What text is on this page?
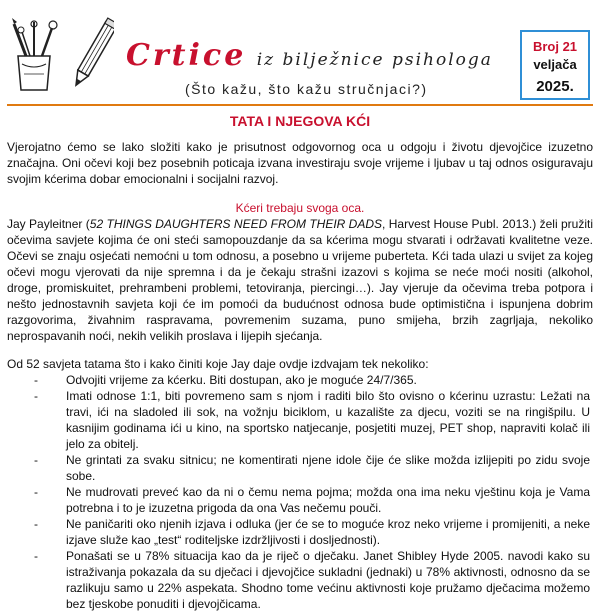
Crtice iz bilježnice psihologa
(Što kažu, što kažu stručnjaci?)
Broj 21
veljača
2025.
TATA I NJEGOVA KĆI
Vjerojatno ćemo se lako složiti kako je prisutnost odgovornog oca u odgoju i životu djevojčice izuzetno značajna. Oni očevi koji bez posebnih poticaja izvana investiraju svoje vrijeme i ljubav u taj odnos osiguravaju svojim kćerima dobar emocionalni i socijalni razvoj.
Kćeri trebaju svoga oca.
Jay Payleitner (52 THINGS DAUGHTERS NEED FROM THEIR DADS, Harvest House Publ. 2013.) želi pružiti očevima savjete kojima će oni steći samopouzdanje da sa kćerima mogu stvarati i održavati kvalitetne veze. Očevi se znaju osjećati nemoćni u tom odnosu, a posebno u vrijeme puberteta. Kći tada ulazi u svijet za kojeg očevi mogu vjerovati da nije spremna i da je čekaju strašni izazovi s kojima se neće moći nositi (alkohol, droge, promiskuitet, prehrambeni problemi, tetoviranja, piercingi…). Jay vjeruje da očevima treba potpora i nešto jednostavnih savjeta koji će im pomoći da budućnost odnosa bude optimistična i ispunjena dobrim razgovorima, živahnim raspravama, povremenim suzama, puno smijeha, brzih zagrljaja, nekoliko neprospavanih noći, nekih velikih proslava i lijepih sjećanja.
Od 52 savjeta tatama što i kako činiti koje Jay daje ovdje izdvajam tek nekoliko:
- Odvojiti vrijeme za kćerku. Biti dostupan, ako je moguće 24/7/365.
- Imati odnose 1:1, biti povremeno sam s njom i raditi bilo što ovisno o kćerinu uzrastu: Ležati na travi, ići na sladoled ili sok, na vožnju biciklom, u kazalište za djecu, voziti se na ringišpilu. U kasnijim godinama ići u kino, na sportsko natjecanje, posjetiti muzej, PET shop, napraviti kolač ili jelo za obitelj.
- Ne grintati za svaku sitnicu; ne komentirati njene idole čije će slike možda izlijepiti po zidu svoje sobe.
- Ne mudrovati preveć kao da ni o čemu nema pojma; možda ona ima neku vještinu koja je Vama potrebna i to je izuzetna prigoda da ona Vas nečemu pouči.
- Ne paničariti oko njenih izjava i odluka (jer će se to moguće kroz neko vrijeme i promijeniti, a neke izjave služe kao „test“ roditeljske izdržljivosti i dosljednosti).
- Ponašati se u 78% situacija kao da je riječ o dječaku. Janet Shibley Hyde 2005. navodi kako su istraživanja pokazala da su dječaci i djevojčice sukladni (jednaki) u 78% aktivnosti, odnosno da se razlikuju samo u 22% aspekata. Shodno tome većinu aktivnosti koje pružamo dječacima možemo bez tjeskobe ponuditi i djevojčicama.
